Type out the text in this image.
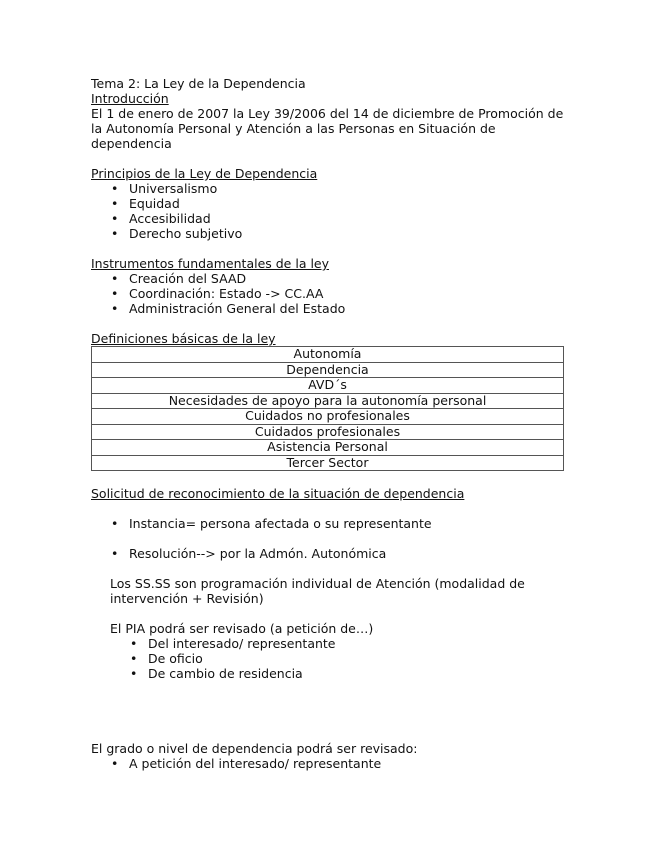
Tema 2: La Ley de la Dependencia

Introducción

El 1 de enero de 2007 la Ley 39/2006 del 14 de diciembre de Promoción de la Autonomía Personal y Atención a las Personas en Situación de dependencia

Principios de la Ley de Dependencia

• Universalismo
• Equidad
• Accesibilidad
• Derecho subjetivo

Instrumentos fundamentales de la ley

• Creación del SAAD
• Coordinación: Estado -> CC.AA
• Administración General del Estado

Definiciones básicas de la ley

Autonomía
Dependencia
AVD´s
Necesidades de apoyo para la autonomía personal
Cuidados no profesionales
Cuidados profesionales
Asistencia Personal
Tercer Sector

Solicitud de reconocimiento de la situación de dependencia

• Instancia= persona afectada o su representante
• Resolución--> por la Admón. Autonómica

Los SS.SS son programación individual de Atención (modalidad de intervención + Revisión)

El PIA podrá ser revisado (a petición de…)

• Del interesado/ representante
• De oficio
• De cambio de residencia

El grado o nivel de dependencia podrá ser revisado:

• A petición del interesado/ representante
